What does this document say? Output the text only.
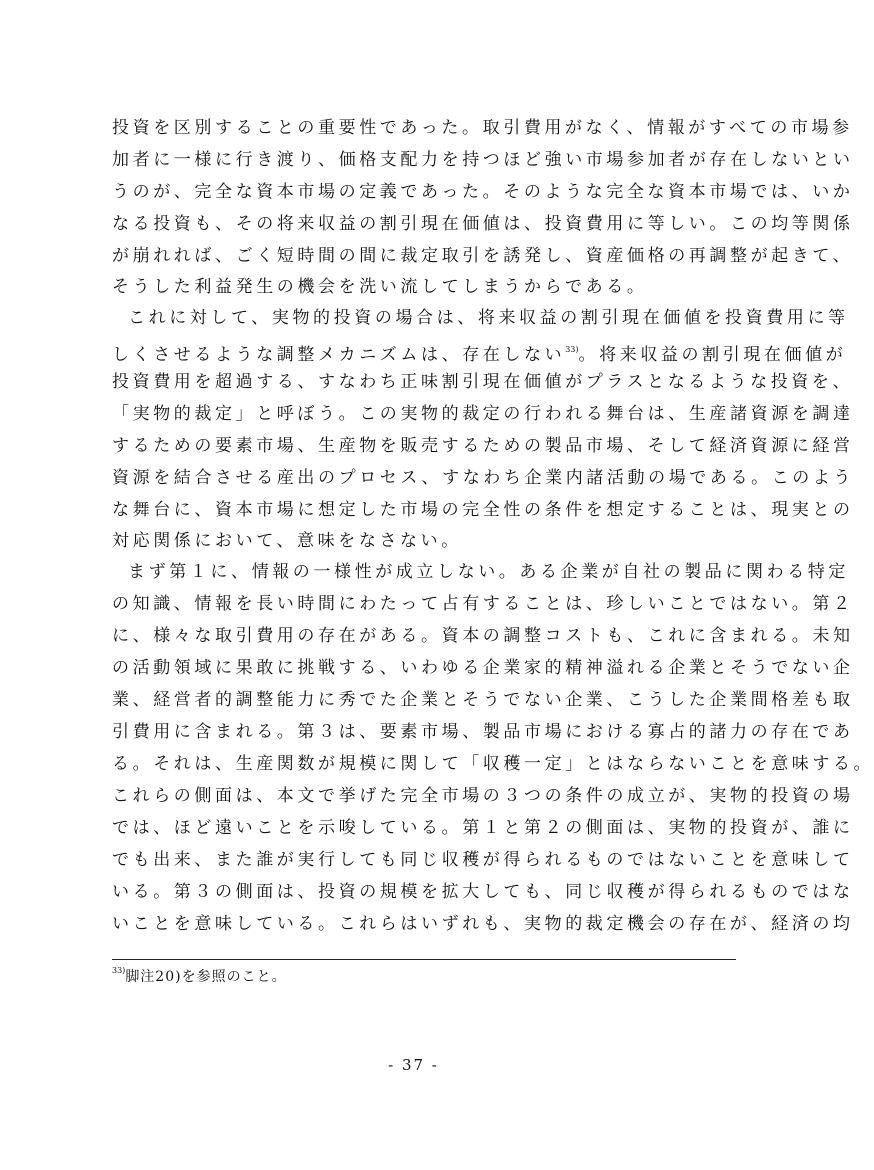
投資を区別することの重要性であった。取引費用がなく、情報がすべての市場参
加者に一様に行き渡り、価格支配力を持つほど強い市場参加者が存在しないとい
うのが、完全な資本市場の定義であった。そのような完全な資本市場では、いか
なる投資も、その将来収益の割引現在価値は、投資費用に等しい。この均等関係
が崩れれば、ごく短時間の間に裁定取引を誘発し、資産価格の再調整が起きて、
そうした利益発生の機会を洗い流してしまうからである。
これに対して、実物的投資の場合は、将来収益の割引現在価値を投資費用に等
しくさせるような調整メカニズムは、存在しない$^{33)}$。将来収益の割引現在価値が
投資費用を超過する、すなわち正味割引現在価値がプラスとなるような投資を、
「実物的裁定」と呼ぼう。この実物的裁定の行われる舞台は、生産諸資源を調達
するための要素市場、生産物を販売するための製品市場、そして経済資源に経営
資源を結合させる産出のプロセス、すなわち企業内諸活動の場である。このよう
な舞台に、資本市場に想定した市場の完全性の条件を想定することは、現実との
対応関係において、意味をなさない。
まず第１に、情報の一様性が成立しない。ある企業が自社の製品に関わる特定
の知識、情報を長い時間にわたって占有することは、珍しいことではない。第２
に、様々な取引費用の存在がある。資本の調整コストも、これに含まれる。未知
の活動領域に果敢に挑戦する、いわゆる企業家的精神溢れる企業とそうでない企
業、経営者的調整能力に秀でた企業とそうでない企業、こうした企業間格差も取
引費用に含まれる。第３は、要素市場、製品市場における寡占的諸力の存在であ
る。それは、生産関数が規模に関して「収穫一定」とはならないことを意味する。
これらの側面は、本文で挙げた完全市場の３つの条件の成立が、実物的投資の場
では、ほど遠いことを示唆している。第１と第２の側面は、実物的投資が、誰に
でも出来、また誰が実行しても同じ収穫が得られるものではないことを意味して
いる。第３の側面は、投資の規模を拡大しても、同じ収穫が得られるものではな
いことを意味している。これらはいずれも、実物的裁定機会の存在が、経済の均
$^{33)}$脚注20)を参照のこと。
- 37 -
